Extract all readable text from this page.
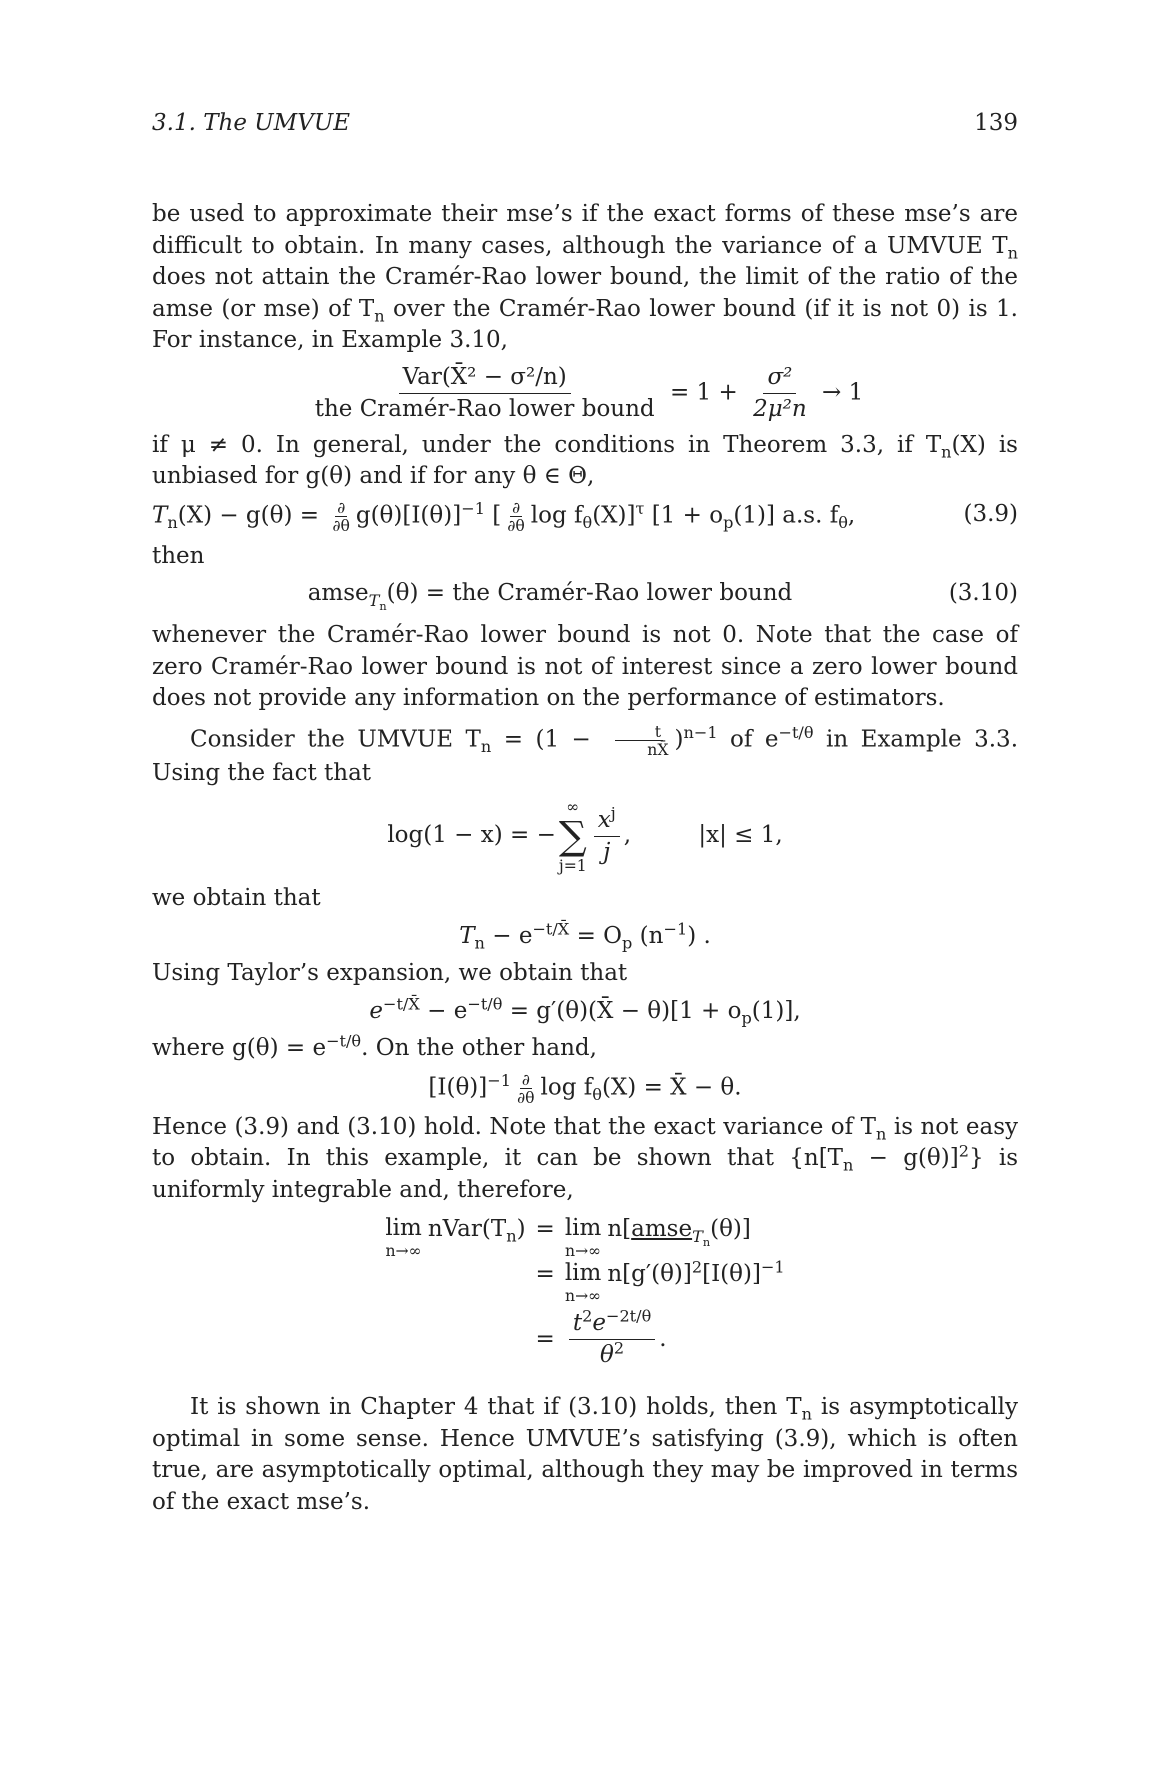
3.1. The UMVUE	139

be used to approximate their mse’s if the exact forms of these mse’s are difficult to obtain. In many cases, although the variance of a UMVUE $T_n$ does not attain the Cramér-Rao lower bound, the limit of the ratio of the amse (or mse) of $T_n$ over the Cramér-Rao lower bound (if it is not 0) is 1. For instance, in Example 3.10,

$\frac{\text{Var(X̄² − σ²/n)}}{\text{the Cramér-Rao lower bound}} = 1 + \frac{\text{σ²}}{\text{2μ²n}} \to 1$

if μ ≠ 0. In general, under the conditions in Theorem 3.3, if $T_n(X)$ is unbiased for g(θ) and if for any θ ∈ Θ,

$T_n(X) - g(\theta) = \frac{\partial}{\partial\theta} g(\theta)[I(\theta)]^{-1}$ [ $\frac{\partial}{\partial\theta}$ $\log f_\theta(X)]^\tau$ $[1 + o_p(1)]$ a.s. $f_\theta$,	(3.9)

then

amse$_{T_n}$(θ) = the Cramér-Rao lower bound	(3.10)

whenever the Cramér-Rao lower bound is not 0. Note that the case of zero Cramér-Rao lower bound is not of interest since a zero lower bound does not provide any information on the performance of estimators.

Consider the UMVUE $T_n = (1 - \frac{t}{nX̄} )^{n-1}$ of $e^{-t/\theta}$ in Example 3.3. Using the fact that

log(1 − x) = −
∞
∑
$j=1 \frac{x^j}{j}$ ,	|x| ≤ 1,

we obtain that

$T_n - e^{-t/X̄} = O_p$ $(n^{-1})$ .

Using Taylor’s expansion, we obtain that

$e^{-t/X̄} - e^{-t/\theta}$ = g′(θ)(X̄ − $\theta)[1 + o_p(1)]$,

where $g(\theta) = e^{-t/\theta}$. On the other hand,

$[I(\theta)]^{-1} \frac{\partial}{\partial\theta}$ $\log f_\theta(X)$ = X̄ − θ.

Hence (3.9) and (3.10) hold. Note that the exact variance of $T_n$ is not easy to obtain. In this example, it can be shown that $\{n[T_n - g(\theta)]^2\}$ is uniformly integrable and, therefore,

lim
n→∞
$nVar(T_n) = \lim$
n→∞
n[amse$_{T_n}$(θ)]
= lim
n→∞
$n[g'(\theta)]^2[I(\theta)]^{-1}$
= $\frac{t^2e^{-2t/\theta}}{\theta^2}$ .

It is shown in Chapter 4 that if (3.10) holds, then $T_n$ is asymptotically optimal in some sense. Hence UMVUE’s satisfying (3.9), which is often true, are asymptotically optimal, although they may be improved in terms of the exact mse’s.
